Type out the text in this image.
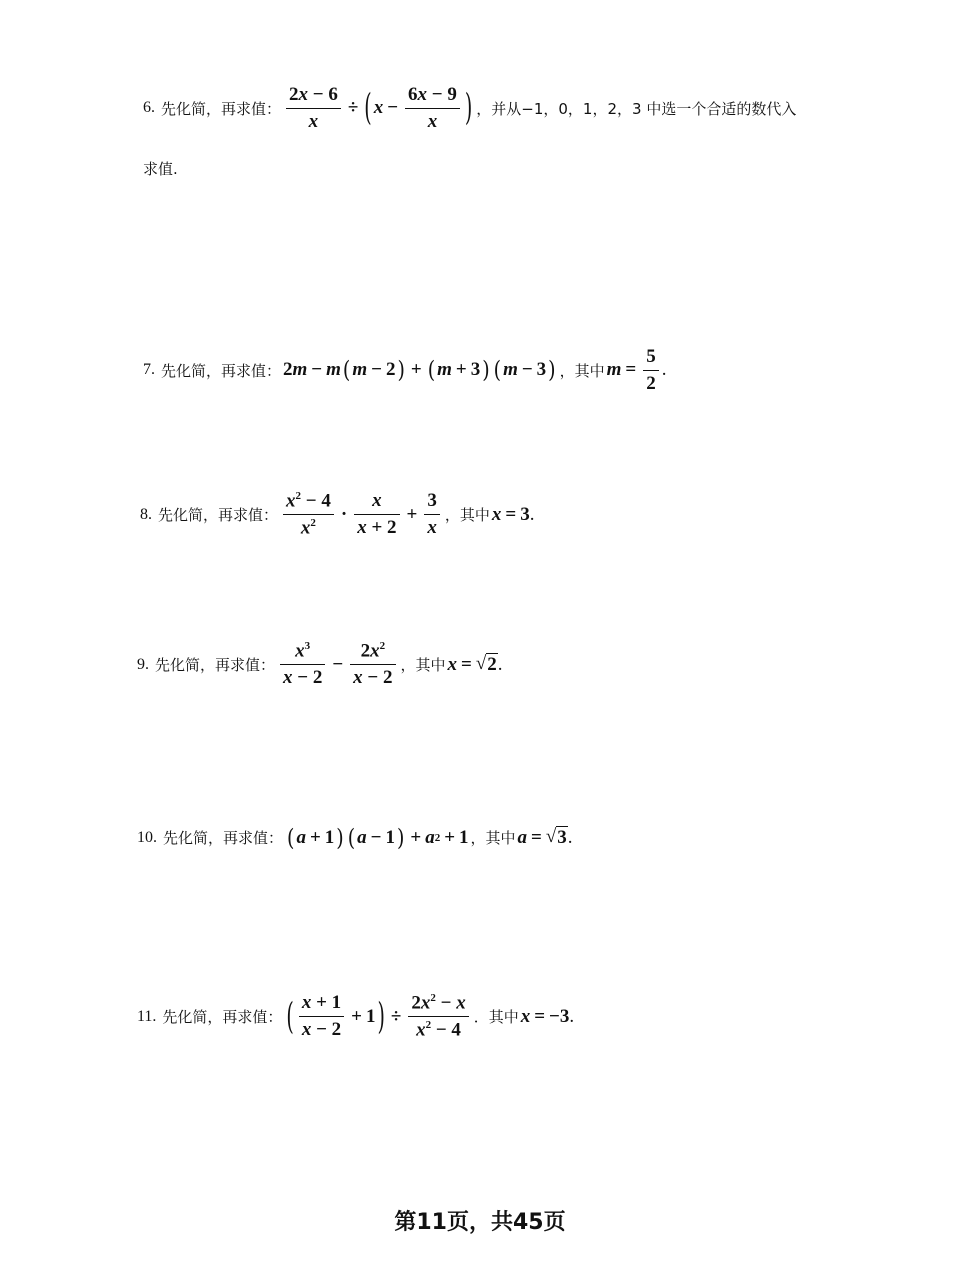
6. 先化简，再求值： $\frac{2x - 6}{x}$ ÷ ( $x - \frac{6x - 9}{x}$ ) ，并从−1，0，1，2，3 中选一个合适的数代入
求值.
7. 先化简，再求值： 2 m − m ( m − 2 ) + ( m + 3 ) ( m − 3 ) ，其中 $m = \frac{5}{2}$ .
8. 先化简，再求值： $\frac{x^2 - 4}{x^2} \cdot \frac{x}{x + 2} + \frac{3}{x}$ ，其中 x = 3 .
9. 先化简，再求值： $\frac{x^3}{x - 2} - \frac{2x^2}{x - 2}$ ，其中 x = √ 2 .
10. 先化简，再求值： ( a + 1 ) ( a − 1 ) + a 2 + 1 ，其中 a = √ 3 .
11. 先化简，再求值： ( $\frac{x + 1}{x - 2} + 1$ ) ÷ $\frac{2x^2 - x}{x^2 - 4}$ ．其中 x = −3 .
第11页，共45页
